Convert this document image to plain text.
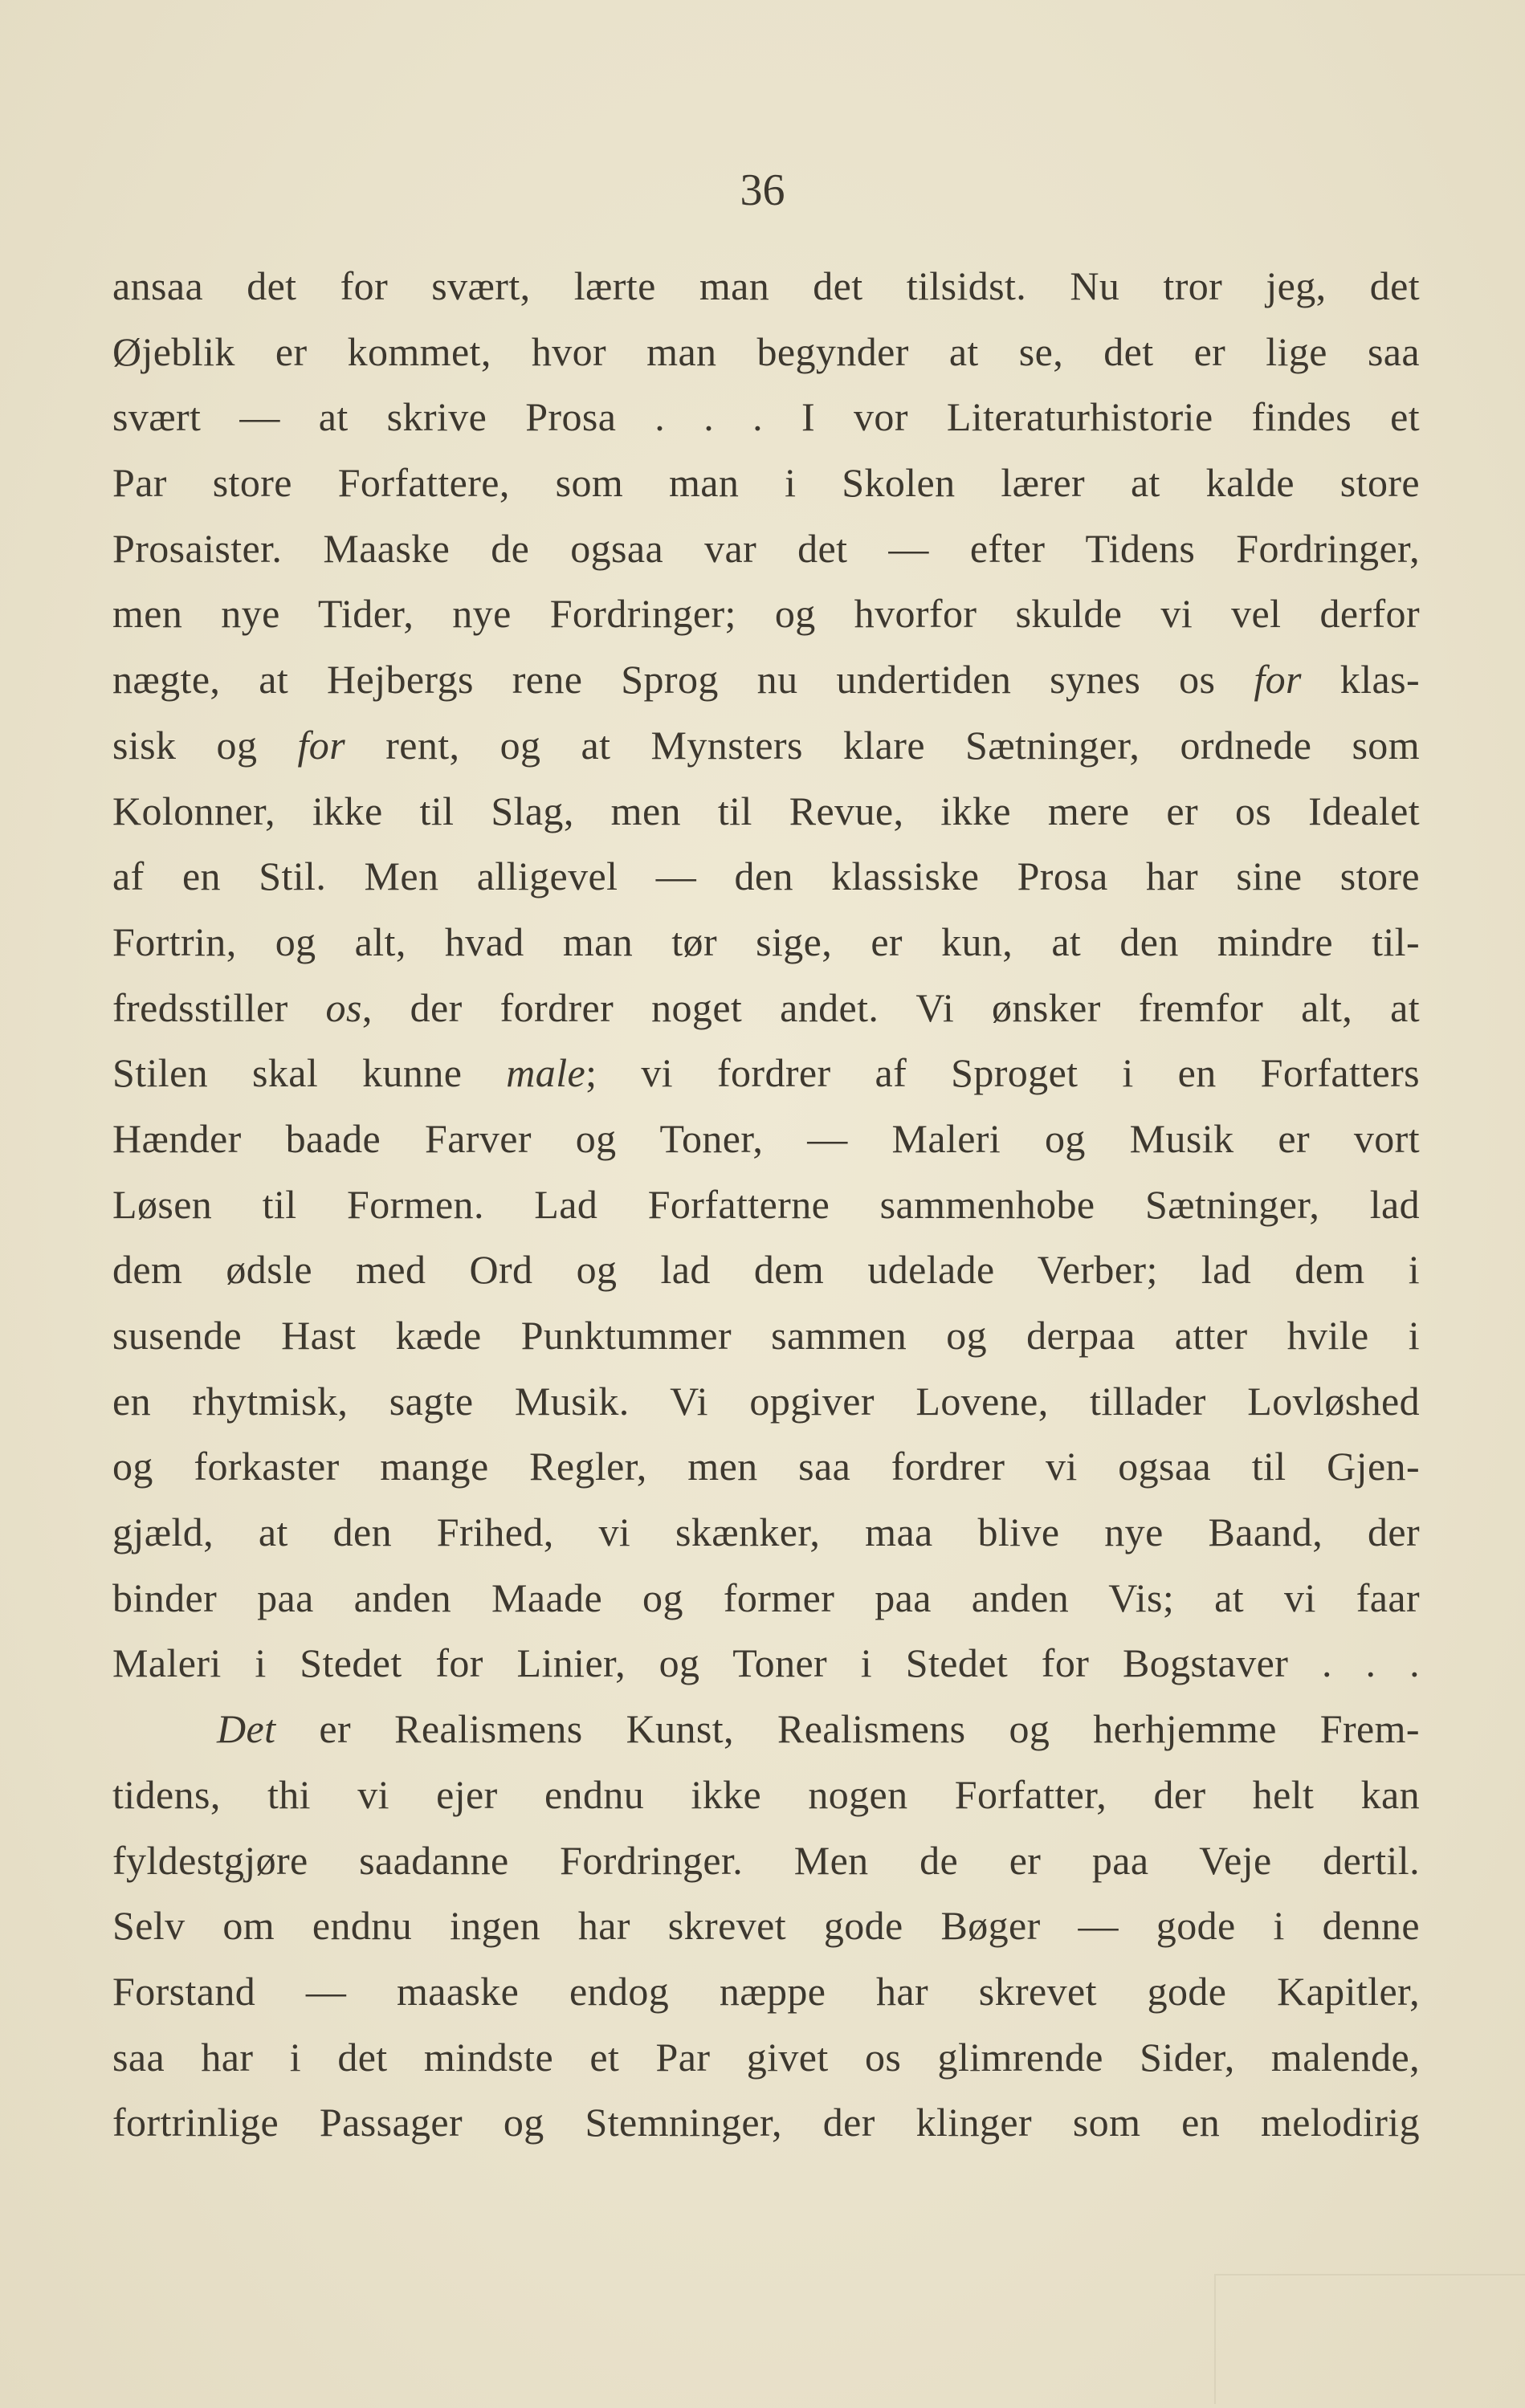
36

ansaa det for svært, lærte man det tilsidst. Nu tror jeg, det
Øjeblik er kommet, hvor man begynder at se, det er lige saa
svært — at skrive Prosa . . . I vor Literaturhistorie findes et
Par store Forfattere, som man i Skolen lærer at kalde store
Prosaister. Maaske de ogsaa var det — efter Tidens Fordringer,
men nye Tider, nye Fordringer; og hvorfor skulde vi vel derfor
nægte, at Hejbergs rene Sprog nu undertiden synes os for klas-
sisk og for rent, og at Mynsters klare Sætninger, ordnede som
Kolonner, ikke til Slag, men til Revue, ikke mere er os Idealet
af en Stil. Men alligevel — den klassiske Prosa har sine store
Fortrin, og alt, hvad man tør sige, er kun, at den mindre til-
fredsstiller os, der fordrer noget andet. Vi ønsker fremfor alt, at
Stilen skal kunne male; vi fordrer af Sproget i en Forfatters
Hænder baade Farver og Toner, — Maleri og Musik er vort
Løsen til Formen. Lad Forfatterne sammenhobe Sætninger, lad
dem ødsle med Ord og lad dem udelade Verber; lad dem i
susende Hast kæde Punktummer sammen og derpaa atter hvile i
en rhytmisk, sagte Musik. Vi opgiver Lovene, tillader Lovløshed
og forkaster mange Regler, men saa fordrer vi ogsaa til Gjen-
gjæld, at den Frihed, vi skænker, maa blive nye Baand, der
binder paa anden Maade og former paa anden Vis; at vi faar
Maleri i Stedet for Linier, og Toner i Stedet for Bogstaver . . .
Det er Realismens Kunst, Realismens og herhjemme Frem-
tidens, thi vi ejer endnu ikke nogen Forfatter, der helt kan
fyldestgjøre saadanne Fordringer. Men de er paa Veje dertil.
Selv om endnu ingen har skrevet gode Bøger — gode i denne
Forstand — maaske endog næppe har skrevet gode Kapitler,
saa har i det mindste et Par givet os glimrende Sider, malende,
fortrinlige Passager og Stemninger, der klinger som en melodirig
